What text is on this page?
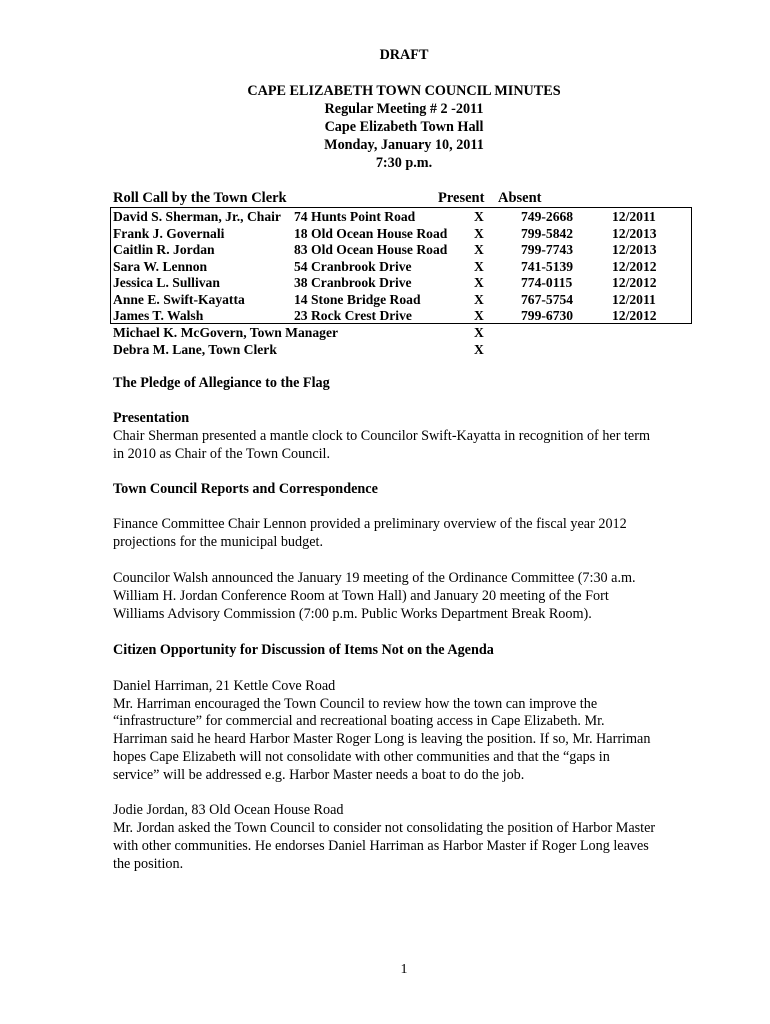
DRAFT
CAPE ELIZABETH TOWN COUNCIL MINUTES
Regular Meeting # 2 -2011
Cape Elizabeth Town Hall
Monday, January 10, 2011
7:30 p.m.
Roll Call by the Town Clerk	Present Absent
David S. Sherman, Jr., Chair 74 Hunts Point Road	X	749-2668	12/2011
Frank J. Governali	18 Old Ocean House Road X	799-5842	12/2013
Caitlin R. Jordan	83 Old Ocean House Road X	799-7743	12/2013
Sara W. Lennon	54 Cranbrook Drive	X	741-5139	12/2012
Jessica L. Sullivan	38 Cranbrook Drive	X	774-0115	12/2012
Anne E. Swift-Kayatta	14 Stone Bridge Road	X	767-5754	12/2011
James T. Walsh	23 Rock Crest Drive	X	799-6730	12/2012
Michael K. McGovern, Town Manager	X
Debra M. Lane, Town Clerk	X
The Pledge of Allegiance to the Flag
Presentation
Chair Sherman presented a mantle clock to Councilor Swift-Kayatta in recognition of her term
in 2010 as Chair of the Town Council.
Town Council Reports and Correspondence
Finance Committee Chair Lennon provided a preliminary overview of the fiscal year 2012
projections for the municipal budget.
Councilor Walsh announced the January 19 meeting of the Ordinance Committee (7:30 a.m.
William H. Jordan Conference Room at Town Hall) and January 20 meeting of the Fort
Williams Advisory Commission (7:00 p.m. Public Works Department Break Room).
Citizen Opportunity for Discussion of Items Not on the Agenda
Daniel Harriman, 21 Kettle Cove Road
Mr. Harriman encouraged the Town Council to review how the town can improve the
“infrastructure” for commercial and recreational boating access in Cape Elizabeth. Mr.
Harriman said he heard Harbor Master Roger Long is leaving the position. If so, Mr. Harriman
hopes Cape Elizabeth will not consolidate with other communities and that the “gaps in
service” will be addressed e.g. Harbor Master needs a boat to do the job.
Jodie Jordan, 83 Old Ocean House Road
Mr. Jordan asked the Town Council to consider not consolidating the position of Harbor Master
with other communities. He endorses Daniel Harriman as Harbor Master if Roger Long leaves
the position.
1
